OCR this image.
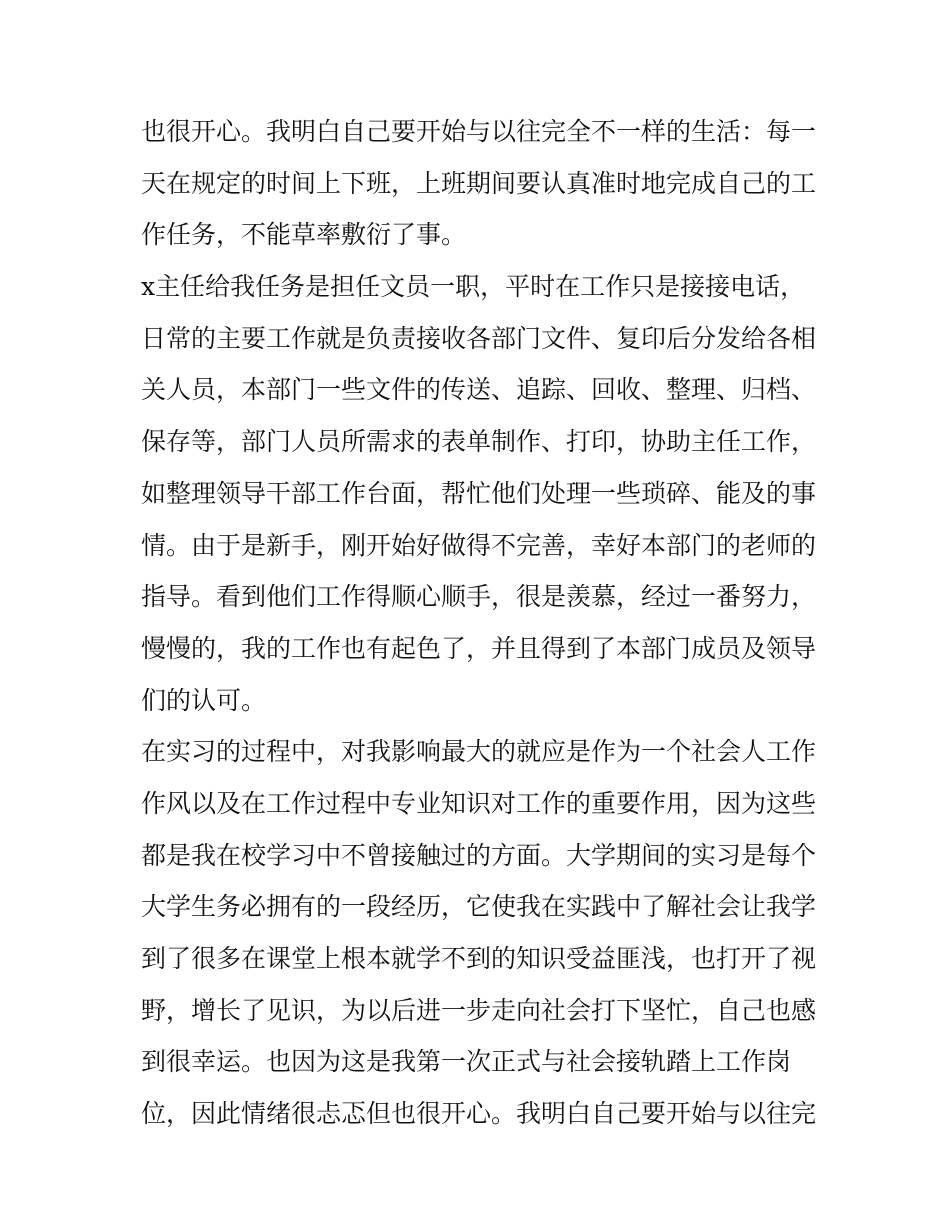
也很开心。我明白自己要开始与以往完全不一样的生活：每一
天在规定的时间上下班，上班期间要认真准时地完成自己的工
作任务，不能草率敷衍了事。
x主任给我任务是担任文员一职，平时在工作只是接接电话，
日常的主要工作就是负责接收各部门文件、复印后分发给各相
关人员，本部门一些文件的传送、追踪、回收、整理、归档、
保存等，部门人员所需求的表单制作、打印，协助主任工作，
如整理领导干部工作台面，帮忙他们处理一些琐碎、能及的事
情。由于是新手，刚开始好做得不完善，幸好本部门的老师的
指导。看到他们工作得顺心顺手，很是羡慕，经过一番努力，
慢慢的，我的工作也有起色了，并且得到了本部门成员及领导
们的认可。
在实习的过程中，对我影响最大的就应是作为一个社会人工作
作风以及在工作过程中专业知识对工作的重要作用，因为这些
都是我在校学习中不曾接触过的方面。大学期间的实习是每个
大学生务必拥有的一段经历，它使我在实践中了解社会让我学
到了很多在课堂上根本就学不到的知识受益匪浅，也打开了视
野，增长了见识，为以后进一步走向社会打下坚忙，自己也感
到很幸运。也因为这是我第一次正式与社会接轨踏上工作岗
位，因此情绪很忐忑但也很开心。我明白自己要开始与以往完
